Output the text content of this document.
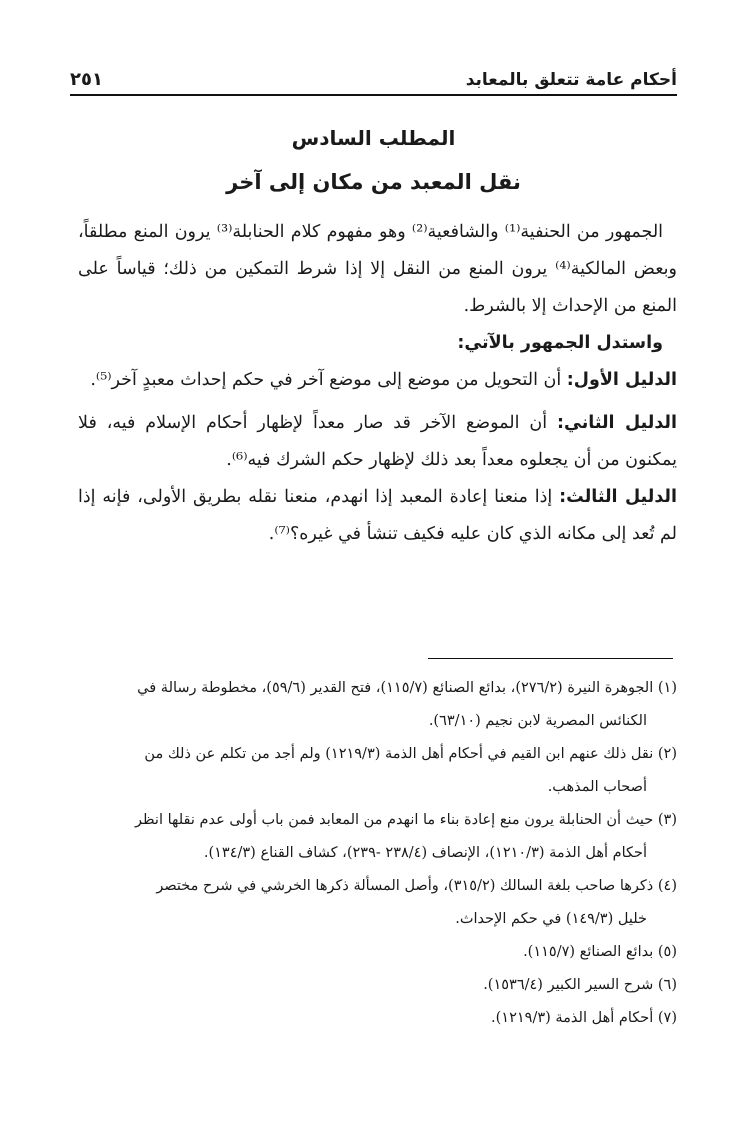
أحكام عامة تتعلق بالمعابد
٢٥١
المطلب السادس
نقل المعبد من مكان إلى آخر

الجمهور من الحنفية⁽¹⁾ والشافعية⁽²⁾ وهو مفهوم كلام الحنابلة⁽³⁾ يرون المنع مطلقاً، وبعض المالكية⁽⁴⁾ يرون المنع من النقل إلا إذا شرط التمكين من ذلك؛ قياساً على المنع من الإحداث إلا بالشرط.

واستدل الجمهور بالآتي:

الدليل الأول: أن التحويل من موضع إلى موضع آخر في حكم إحداث معبدٍ آخر⁽⁵⁾.

الدليل الثاني: أن الموضع الآخر قد صار معداً لإظهار أحكام الإسلام فيه، فلا يمكنون من أن يجعلوه معداً بعد ذلك لإظهار حكم الشرك فيه⁽⁶⁾.

الدليل الثالث: إذا منعنا إعادة المعبد إذا انهدم، منعنا نقله بطريق الأولى، فإنه إذا لم تُعد إلى مكانه الذي كان عليه فكيف تنشأ في غيره؟⁽⁷⁾.

(١) الجوهرة النيرة (٢٧٦/٢)، بدائع الصنائع (١١٥/٧)، فتح القدير (٥٩/٦)، مخطوطة رسالة في

الكنائس المصرية لابن نجيم (٦٣/١٠).

(٢) نقل ذلك عنهم ابن القيم في أحكام أهل الذمة (١٢١٩/٣) ولم أجد من تكلم عن ذلك من

أصحاب المذهب.

(٣) حيث أن الحنابلة يرون منع إعادة بناء ما انهدم من المعابد فمن باب أولى عدم نقلها انظر

أحكام أهل الذمة (١٢١٠/٣)، الإنصاف (٢٣٨/٤ -٢٣٩)، كشاف القناع (١٣٤/٣).

(٤) ذكرها صاحب بلغة السالك (٣١٥/٢)، وأصل المسألة ذكرها الخرشي في شرح مختصر

خليل (١٤٩/٣) في حكم الإحداث.

(٥) بدائع الصنائع (١١٥/٧).

(٦) شرح السير الكبير (١٥٣٦/٤).

(٧) أحكام أهل الذمة (١٢١٩/٣).
